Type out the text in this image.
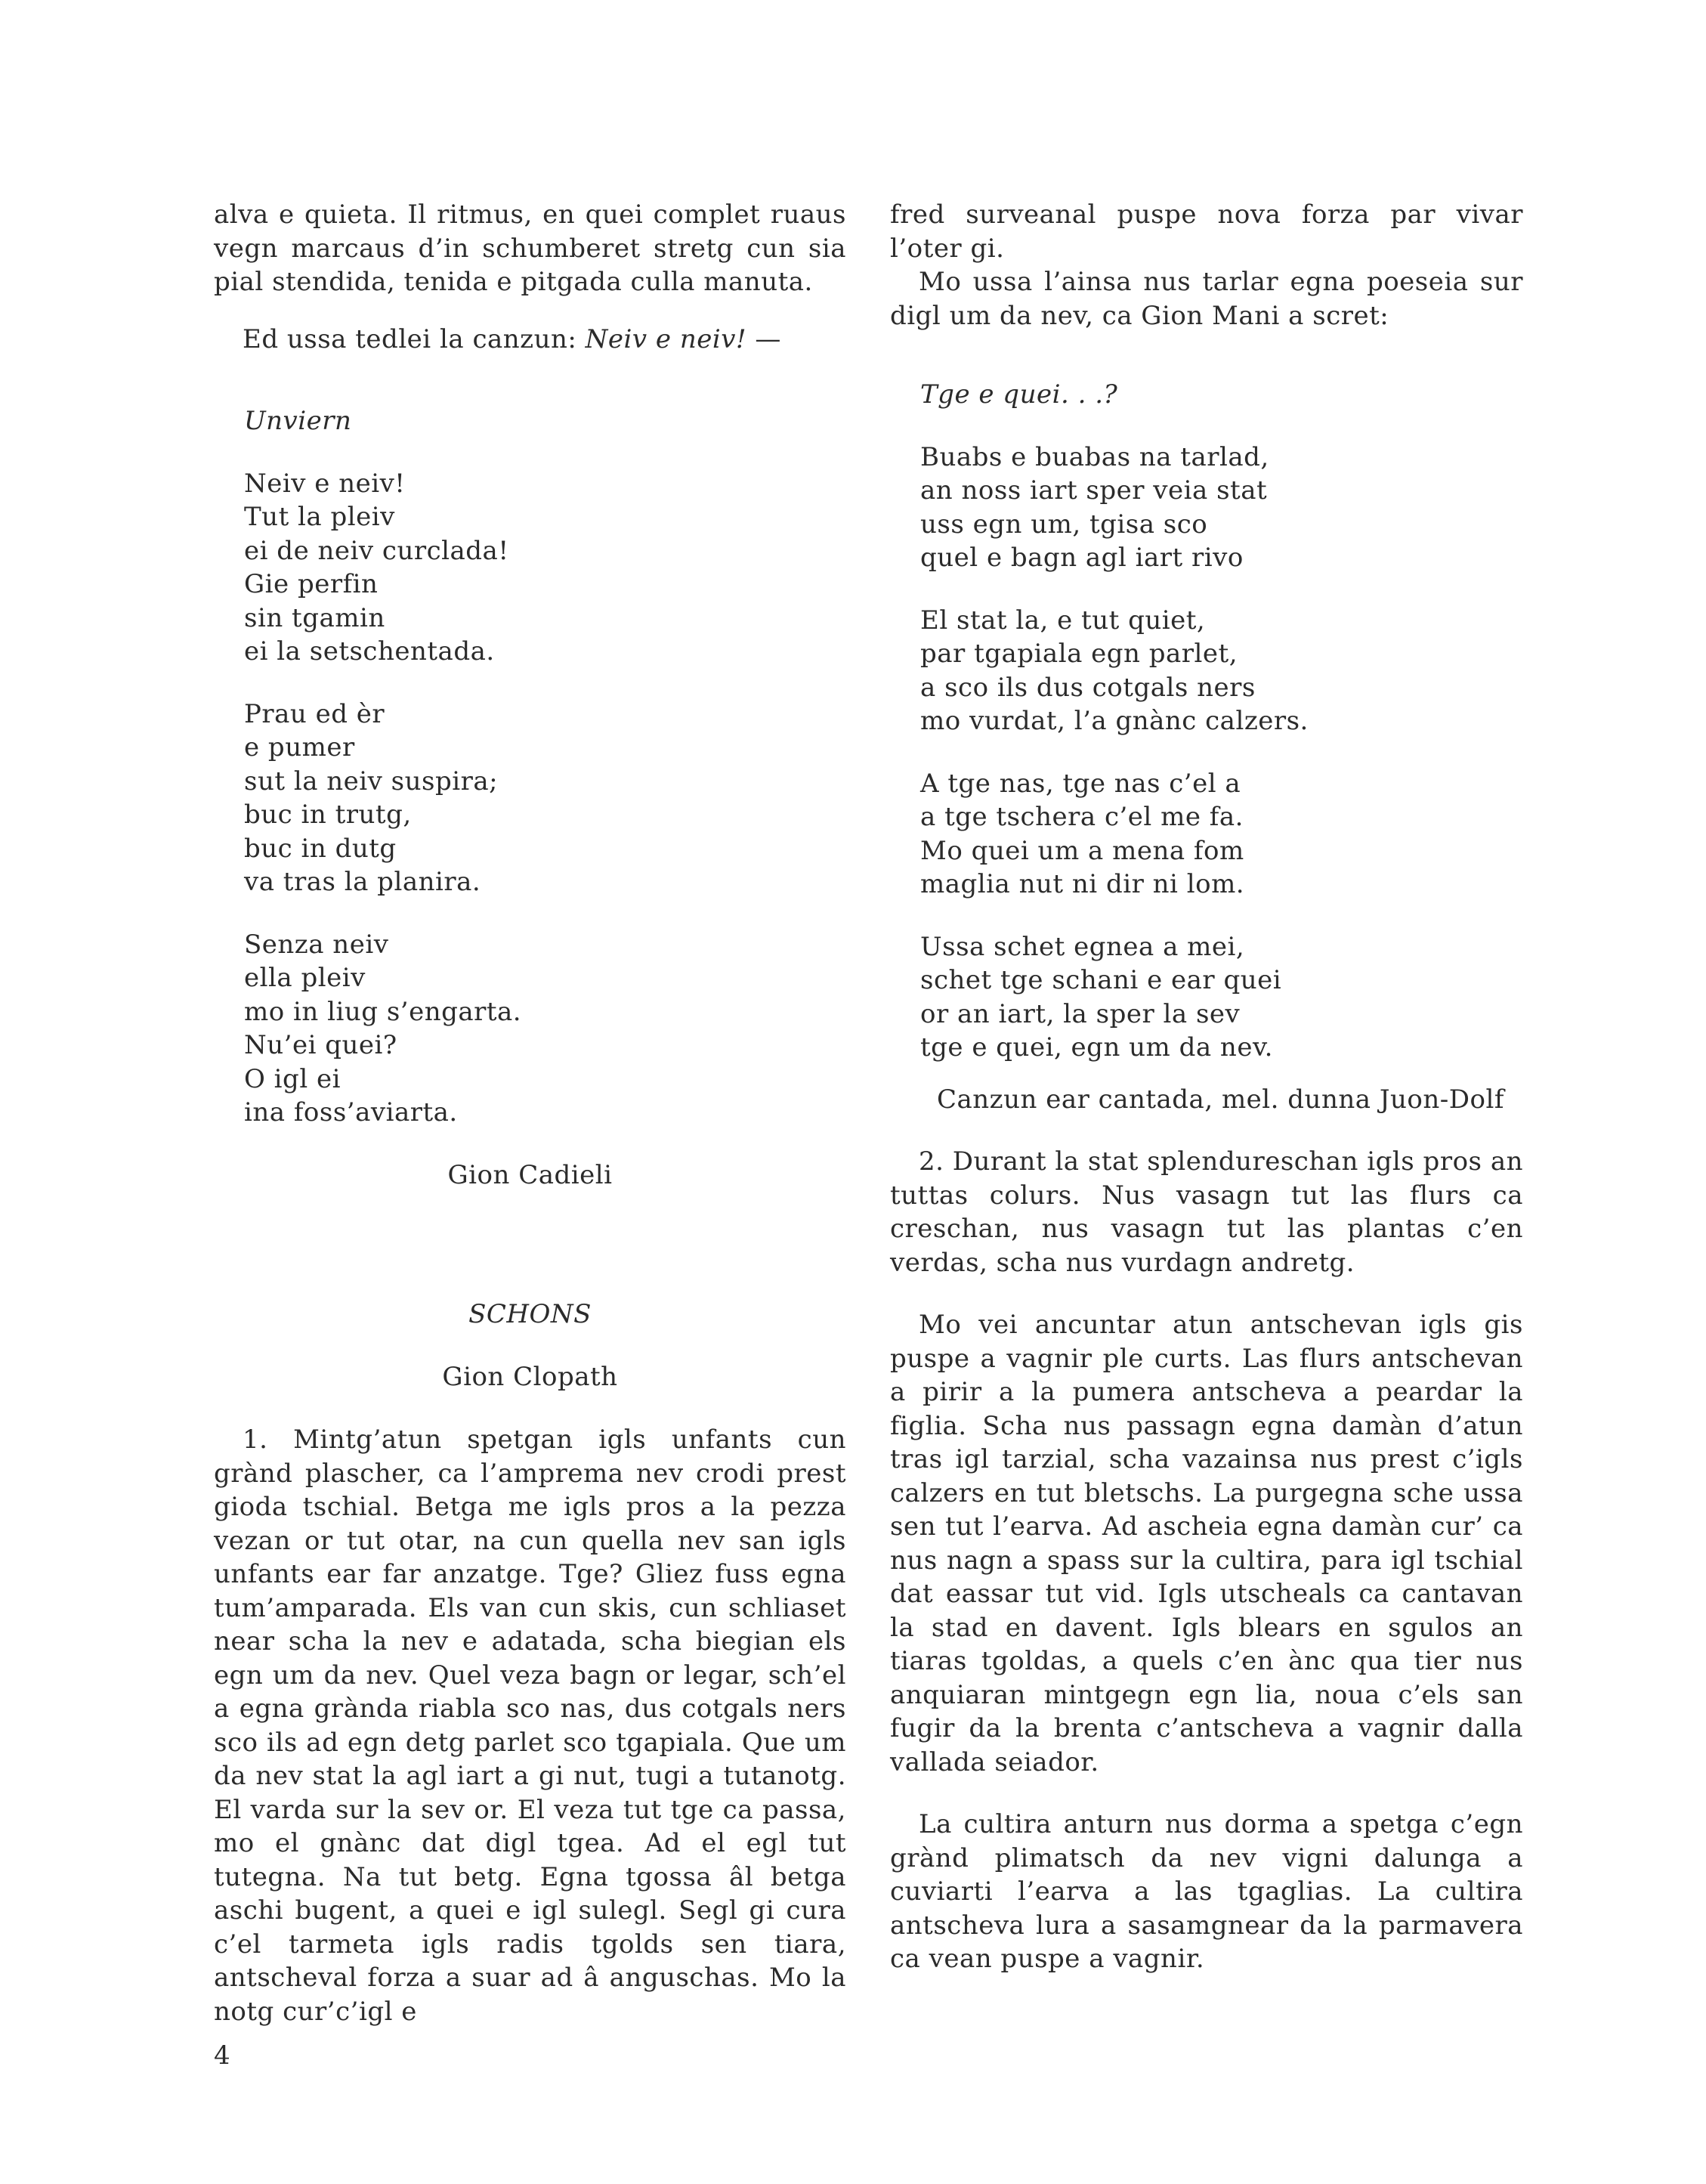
alva e quieta. Il ritmus, en quei complet ruaus vegn marcaus d’in schumberet stretg cun sia pial stendida, tenida e pitgada culla manuta.

Ed ussa tedlei la canzun: Neiv e neiv! —

Unviern

Neiv e neiv!
Tut la pleiv
ei de neiv curclada!
Gie perfin
sin tgamin
ei la setschentada.
Prau ed èr
e pumer
sut la neiv suspira;
buc in trutg,
buc in dutg
va tras la planira.
Senza neiv
ella pleiv
mo in liug s’engarta.
Nu’ei quei?
O igl ei
ina foss’aviarta.

Gion Cadieli

SCHONS

Gion Clopath

1. Mintg’atun spetgan igls unfants cun grànd plascher, ca l’amprema nev crodi prest gioda tschial. Betga me igls pros a la pezza vezan or tut otar, na cun quella nev san igls unfants ear far anzatge. Tge? Gliez fuss egna tum’amparada. Els van cun skis, cun schliaset near scha la nev e adatada, scha biegian els egn um da nev. Quel veza bagn or legar, sch’el a egna grànda riabla sco nas, dus cotgals ners sco ils ad egn detg parlet sco tgapiala. Que um da nev stat la agl iart a gi nut, tugi a tutanotg. El varda sur la sev or. El veza tut tge ca passa, mo el gnànc dat digl tgea. Ad el egl tut tutegna. Na tut betg. Egna tgossa âl betga aschi bugent, a quei e igl sulegl. Segl gi cura c’el tarmeta igls radis tgolds sen tiara, antscheval forza a suar ad â anguschas. Mo la notg cur’c’igl e

fred surveanal puspe nova forza par vivar l’oter gi.

Mo ussa l’ainsa nus tarlar egna poeseia sur digl um da nev, ca Gion Mani a scret:

Tge e quei. . .?

Buabs e buabas na tarlad,
an noss iart sper veia stat
uss egn um, tgisa sco
quel e bagn agl iart rivo
El stat la, e tut quiet,
par tgapiala egn parlet,
a sco ils dus cotgals ners
mo vurdat, l’a gnànc calzers.
A tge nas, tge nas c’el a
a tge tschera c’el me fa.
Mo quei um a mena fom
maglia nut ni dir ni lom.
Ussa schet egnea a mei,
schet tge schani e ear quei
or an iart, la sper la sev
tge e quei, egn um da nev.

Canzun ear cantada, mel. dunna Juon-Dolf

2. Durant la stat splendureschan igls pros an tuttas colurs. Nus vasagn tut las flurs ca creschan, nus vasagn tut las plantas c’en verdas, scha nus vurdagn andretg.

Mo vei ancuntar atun antschevan igls gis puspe a vagnir ple curts. Las flurs antschevan a pirir a la pumera antscheva a peardar la figlia. Scha nus passagn egna damàn d’atun tras igl tarzial, scha vazainsa nus prest c’igls calzers en tut bletschs. La purgegna sche ussa sen tut l’earva. Ad ascheia egna damàn cur’ ca nus nagn a spass sur la cultira, para igl tschial dat eassar tut vid. Igls utscheals ca cantavan la stad en davent. Igls blears en sgulos an tiaras tgoldas, a quels c’en ànc qua tier nus anquiaran mintgegn egn lia, noua c’els san fugir da la brenta c’antscheva a vagnir dalla vallada seiador.

La cultira anturn nus dorma a spetga c’egn grànd plimatsch da nev vigni dalunga a cuviarti l’earva a las tgaglias. La cultira antscheva lura a sasamgnear da la parmavera ca vean puspe a vagnir.

4
